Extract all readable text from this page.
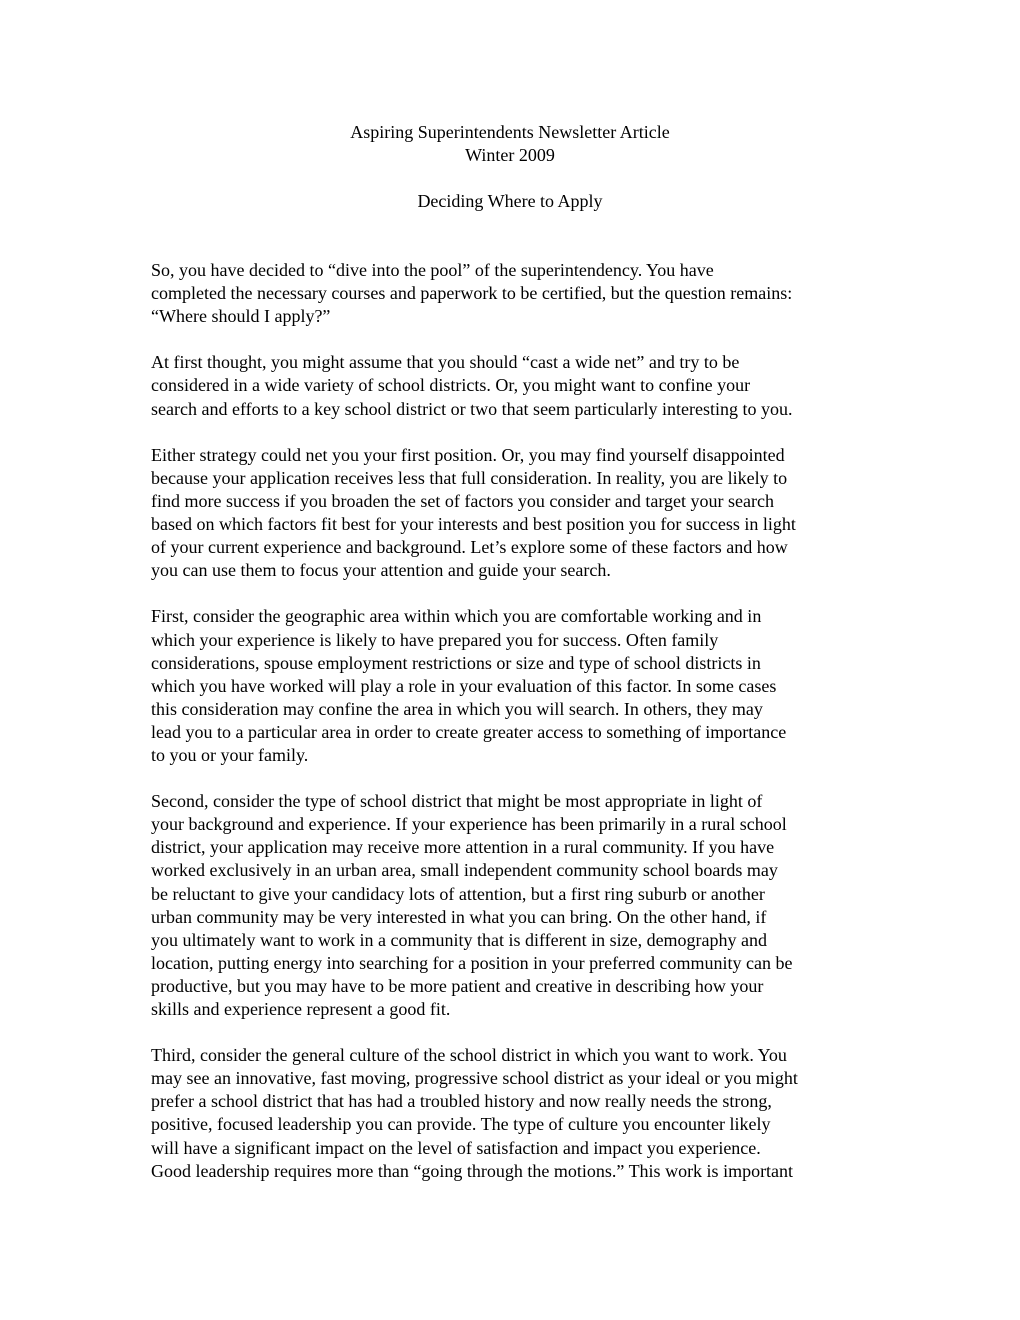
Aspiring Superintendents Newsletter Article
Winter 2009
Deciding Where to Apply

So, you have decided to “dive into the pool” of the superintendency. You have
completed the necessary courses and paperwork to be certified, but the question remains:
“Where should I apply?”

At first thought, you might assume that you should “cast a wide net” and try to be
considered in a wide variety of school districts. Or, you might want to confine your
search and efforts to a key school district or two that seem particularly interesting to you.

Either strategy could net you your first position. Or, you may find yourself disappointed
because your application receives less that full consideration. In reality, you are likely to
find more success if you broaden the set of factors you consider and target your search
based on which factors fit best for your interests and best position you for success in light
of your current experience and background. Let’s explore some of these factors and how
you can use them to focus your attention and guide your search.

First, consider the geographic area within which you are comfortable working and in
which your experience is likely to have prepared you for success. Often family
considerations, spouse employment restrictions or size and type of school districts in
which you have worked will play a role in your evaluation of this factor. In some cases
this consideration may confine the area in which you will search. In others, they may
lead you to a particular area in order to create greater access to something of importance
to you or your family.

Second, consider the type of school district that might be most appropriate in light of
your background and experience. If your experience has been primarily in a rural school
district, your application may receive more attention in a rural community. If you have
worked exclusively in an urban area, small independent community school boards may
be reluctant to give your candidacy lots of attention, but a first ring suburb or another
urban community may be very interested in what you can bring. On the other hand, if
you ultimately want to work in a community that is different in size, demography and
location, putting energy into searching for a position in your preferred community can be
productive, but you may have to be more patient and creative in describing how your
skills and experience represent a good fit.

Third, consider the general culture of the school district in which you want to work. You
may see an innovative, fast moving, progressive school district as your ideal or you might
prefer a school district that has had a troubled history and now really needs the strong,
positive, focused leadership you can provide. The type of culture you encounter likely
will have a significant impact on the level of satisfaction and impact you experience.
Good leadership requires more than “going through the motions.” This work is important
